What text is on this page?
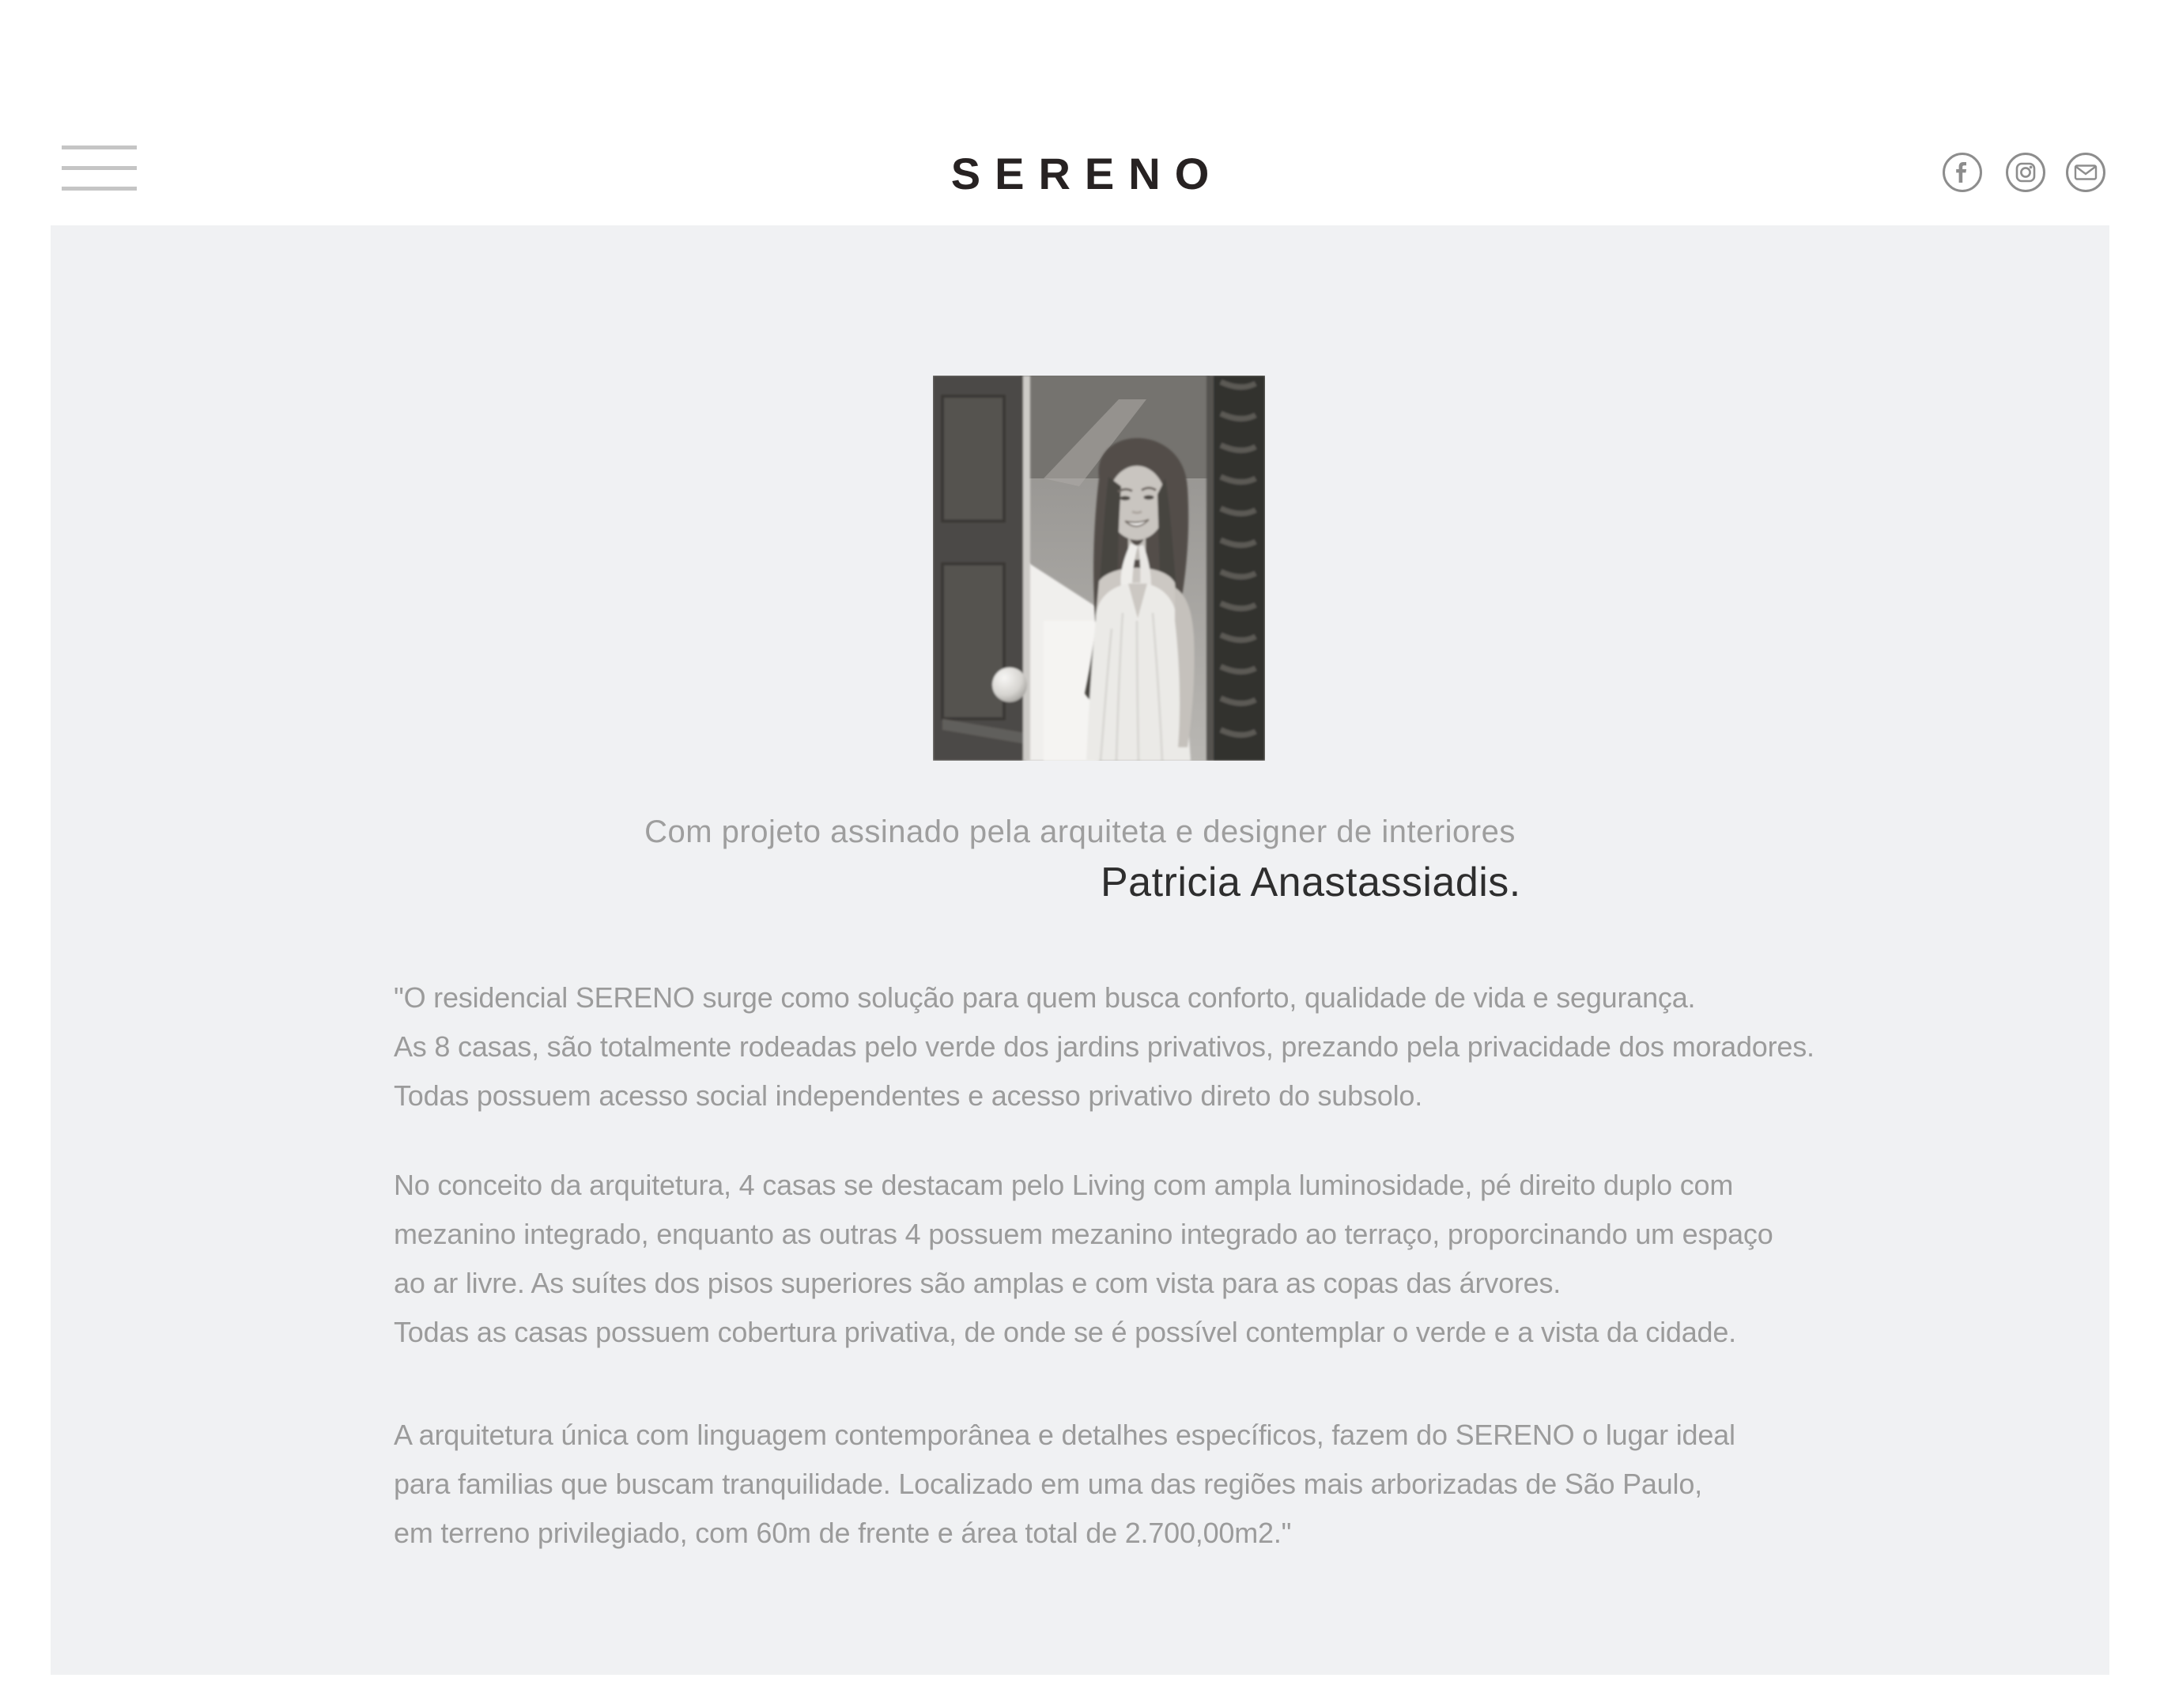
SERENO
Com projeto assinado pela arquiteta e designer de interiores
Patricia Anastassiadis.
"O residencial SERENO surge como solução para quem busca conforto, qualidade de vida e segurança.
As 8 casas, são totalmente rodeadas pelo verde dos jardins privativos, prezando pela privacidade dos moradores.
Todas possuem acesso social independentes e acesso privativo direto do subsolo.
No conceito da arquitetura, 4 casas se destacam pelo Living com ampla luminosidade, pé direito duplo com
mezanino integrado, enquanto as outras 4 possuem mezanino integrado ao terraço, proporcinando um espaço
ao ar livre. As suítes dos pisos superiores são amplas e com vista para as copas das árvores.
Todas as casas possuem cobertura privativa, de onde se é possível contemplar o verde e a vista da cidade.
A arquitetura única com linguagem contemporânea e detalhes específicos, fazem do SERENO o lugar ideal
para familias que buscam tranquilidade. Localizado em uma das regiões mais arborizadas de São Paulo,
em terreno privilegiado, com 60m de frente e área total de 2.700,00m2."
